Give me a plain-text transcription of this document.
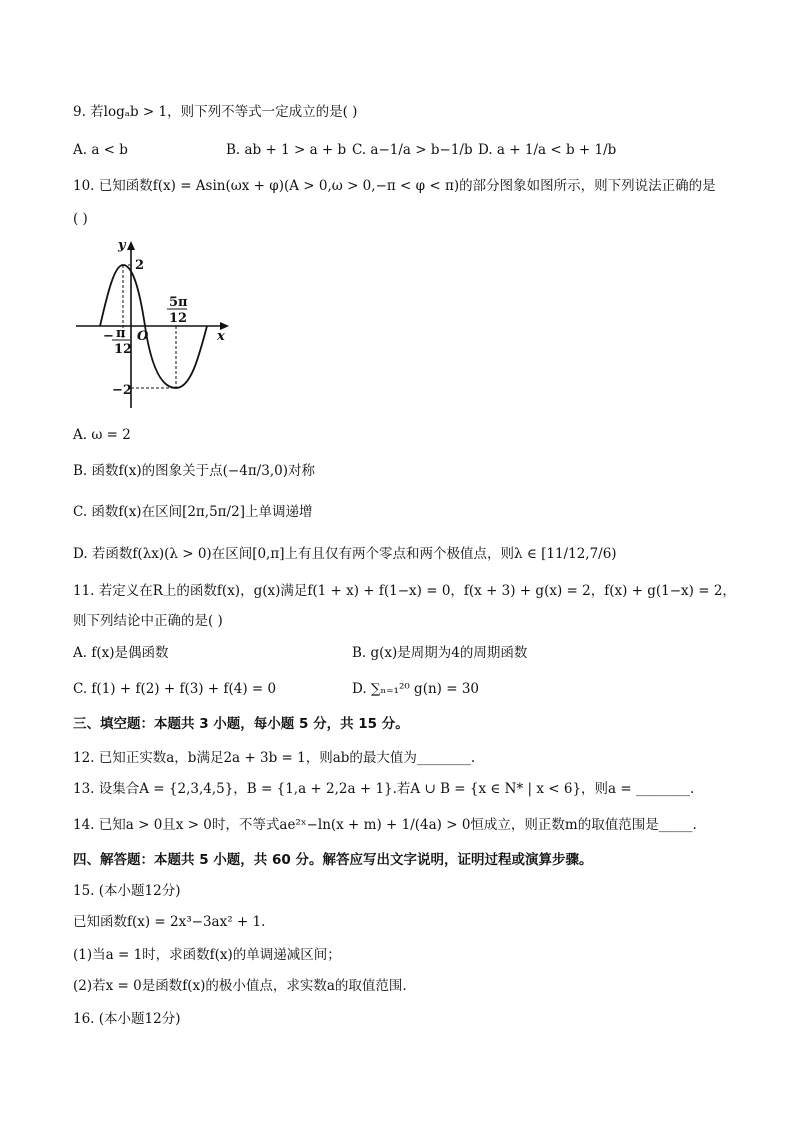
9. 若logₐb > 1，则下列不等式一定成立的是( )
A. a < b	B. ab + 1 > a + b C. a−1/a > b−1/b D. a + 1/a < b + 1/b
10. 已知函数f(x) = Asin(ωx + φ)(A > 0,ω > 0,−π < φ < π)的部分图象如图所示，则下列说法正确的是
( )
y
x
2
−2
O
− π
12
5π
12
A. ω = 2
B. 函数f(x)的图象关于点(−4π/3,0)对称
C. 函数f(x)在区间[2π,5π/2]上单调递增
D. 若函数f(λx)(λ > 0)在区间[0,π]上有且仅有两个零点和两个极值点，则λ ∈ [11/12,7/6)
11. 若定义在R上的函数f(x)，g(x)满足f(1 + x) + f(1−x) = 0，f(x + 3) + g(x) = 2，f(x) + g(1−x) = 2，
则下列结论中正确的是( )
A. f(x)是偶函数	B. g(x)是周期为4的周期函数
C. f(1) + f(2) + f(3) + f(4) = 0	D. ∑ₙ₌₁²⁰ g(n) = 30
三、填空题：本题共 3 小题，每小题 5 分，共 15 分。
12. 已知正实数a，b满足2a + 3b = 1，则ab的最大值为________.
13. 设集合A = {2,3,4,5}，B = {1,a + 2,2a + 1}.若A ∪ B = {x ∈ N* | x < 6}，则a = ________.
14. 已知a > 0且x > 0时，不等式ae²ˣ−ln(x + m) + 1/(4a) > 0恒成立，则正数m的取值范围是_____.
四、解答题：本题共 5 小题，共 60 分。解答应写出文字说明，证明过程或演算步骤。
15. (本小题12分)
已知函数f(x) = 2x³−3ax² + 1.
(1)当a = 1时，求函数f(x)的单调递减区间；
(2)若x = 0是函数f(x)的极小值点，求实数a的取值范围.
16. (本小题12分)
